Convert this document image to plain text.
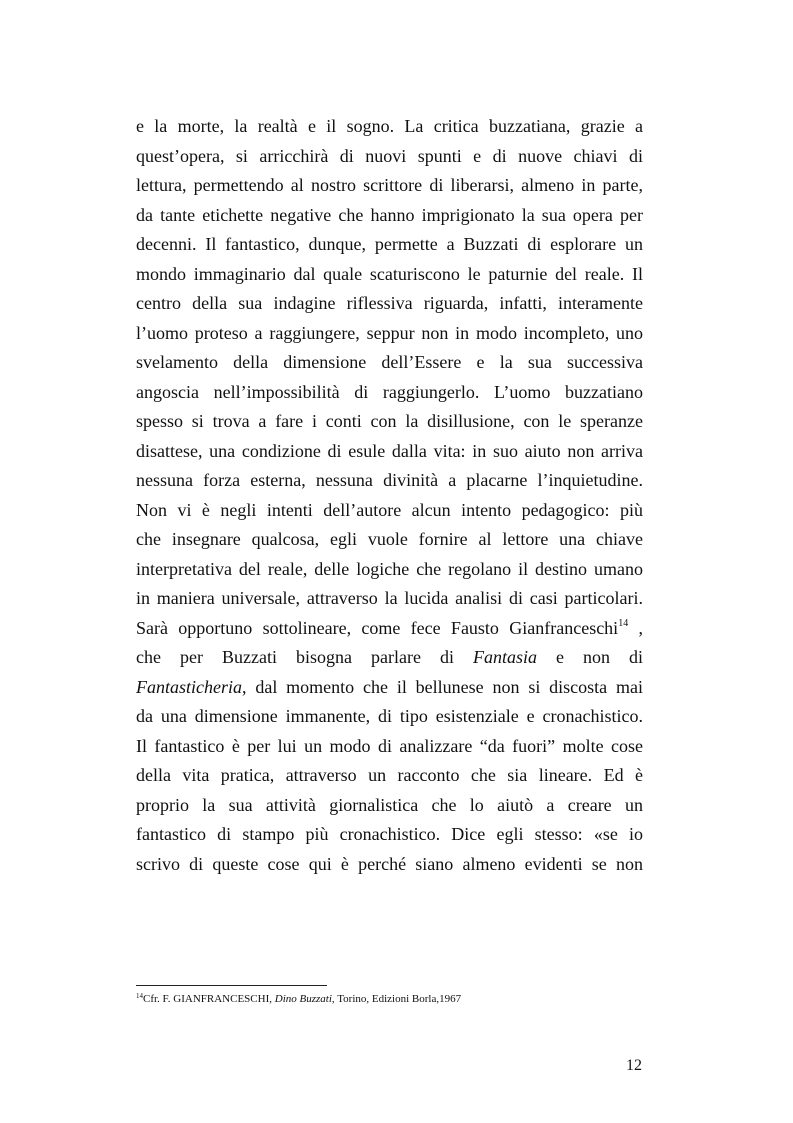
e la morte, la realtà e il sogno. La critica buzzatiana, grazie a
quest’opera, si arricchirà di nuovi spunti e di nuove chiavi di
lettura, permettendo al nostro scrittore di liberarsi, almeno in parte,
da tante etichette negative che hanno imprigionato la sua opera per
decenni. Il fantastico, dunque, permette a Buzzati di esplorare un
mondo immaginario dal quale scaturiscono le paturnie del reale. Il
centro della sua indagine riflessiva riguarda, infatti, interamente
l’uomo proteso a raggiungere, seppur non in modo incompleto, uno
svelamento della dimensione dell’Essere e la sua successiva
angoscia nell’impossibilità di raggiungerlo. L’uomo buzzatiano
spesso si trova a fare i conti con la disillusione, con le speranze
disattese, una condizione di esule dalla vita: in suo aiuto non arriva
nessuna forza esterna, nessuna divinità a placarne l’inquietudine.
Non vi è negli intenti dell’autore alcun intento pedagogico: più
che insegnare qualcosa, egli vuole fornire al lettore una chiave
interpretativa del reale, delle logiche che regolano il destino umano
in maniera universale, attraverso la lucida analisi di casi particolari.
Sarà opportuno sottolineare, come fece Fausto Gianfranceschi$^{14}$ ,
che per Buzzati bisogna parlare di Fantasia e non di
Fantasticheria, dal momento che il bellunese non si discosta mai
da una dimensione immanente, di tipo esistenziale e cronachistico.
Il fantastico è per lui un modo di analizzare “da fuori” molte cose
della vita pratica, attraverso un racconto che sia lineare. Ed è
proprio la sua attività giornalistica che lo aiutò a creare un
fantastico di stampo più cronachistico. Dice egli stesso: «se io
scrivo di queste cose qui è perché siano almeno evidenti se non
$^{14}$Cfr. F. GIANFRANCESCHI, Dino Buzzati, Torino, Edizioni Borla,1967
12
